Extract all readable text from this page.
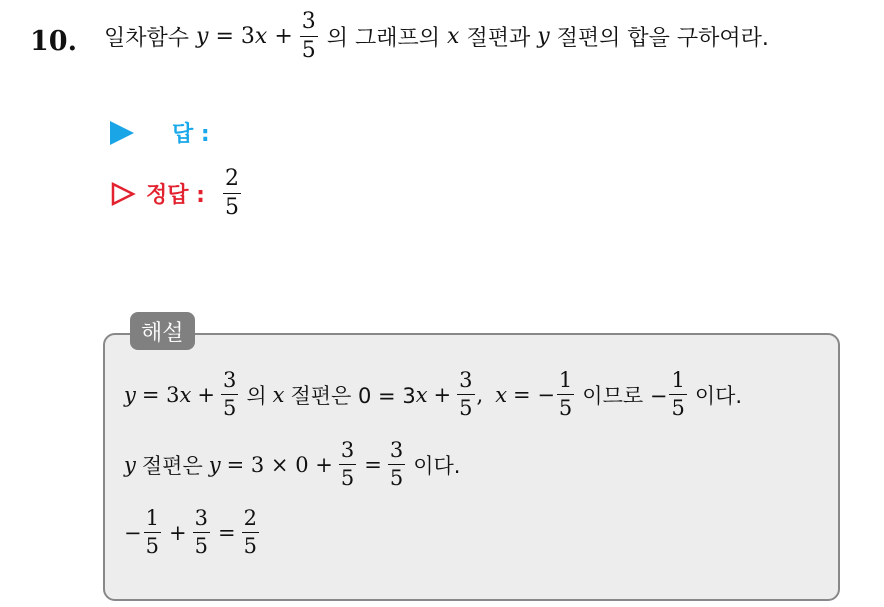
10. 일차함수 y = 3 $x + \frac{3}{5}$ 의 그래프의 x 절편과 y 절편의 합을 구하여라.
답 :
정답 : $\frac{2}{5}$
해설
y = 3 $x + \frac{3}{5}$ 의 x 절편은 0 = 3 $x + \frac{3}{5}$ , x = − $\frac{1}{5}$ 이므로 − $\frac{1}{5}$ 이다.
y 절편은 $y = 3 \times 0 + \frac{3}{5} = \frac{3}{5}$ 이다.
− $\frac{1}{5} + \frac{3}{5} = \frac{2}{5}$
